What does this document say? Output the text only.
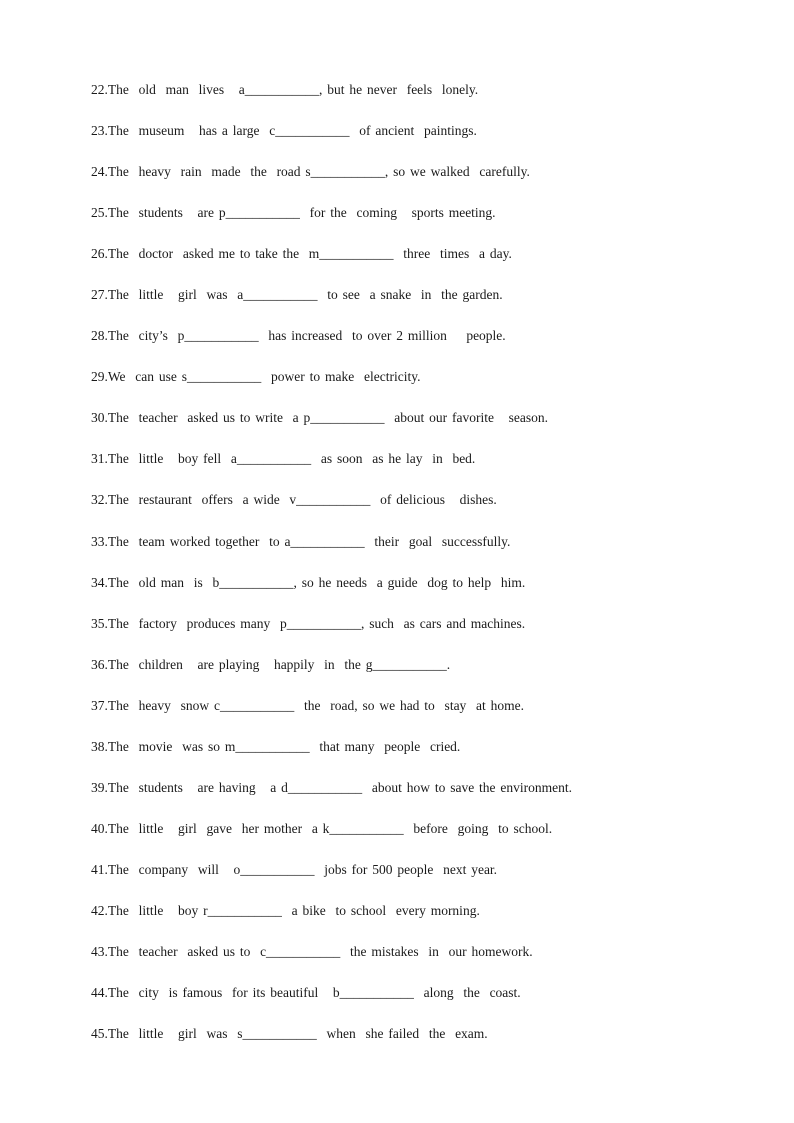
22.The  old  man  lives   a___________, but he never  feels  lonely.
23.The  museum   has a large  c___________  of ancient  paintings.
24.The  heavy  rain  made  the  road s___________, so we walked  carefully.
25.The  students   are p___________  for the  coming   sports meeting.
26.The  doctor  asked me to take the  m___________  three  times  a day.
27.The  little   girl  was  a___________  to see  a snake  in  the garden.
28.The  city’s  p___________  has increased  to over 2 million    people.
29.We  can use s___________  power to make  electricity.
30.The  teacher  asked us to write  a p___________  about our favorite   season.
31.The  little   boy fell  a___________  as soon  as he lay  in  bed.
32.The  restaurant  offers  a wide  v___________  of delicious   dishes.
33.The  team worked together  to a___________  their  goal  successfully.
34.The  old man  is  b___________, so he needs  a guide  dog to help  him.
35.The  factory  produces many  p___________, such  as cars and machines.
36.The  children   are playing   happily  in  the g___________.
37.The  heavy  snow c___________  the  road, so we had to  stay  at home.
38.The  movie  was so m___________  that many  people  cried.
39.The  students   are having   a d___________  about how to save the environment.
40.The  little   girl  gave  her mother  a k___________  before  going  to school.
41.The  company  will   o___________  jobs for 500 people  next year.
42.The  little   boy r___________  a bike  to school  every morning.
43.The  teacher  asked us to  c___________  the mistakes  in  our homework.
44.The  city  is famous  for its beautiful   b___________  along  the  coast.
45.The  little   girl  was  s___________  when  she failed  the  exam.
